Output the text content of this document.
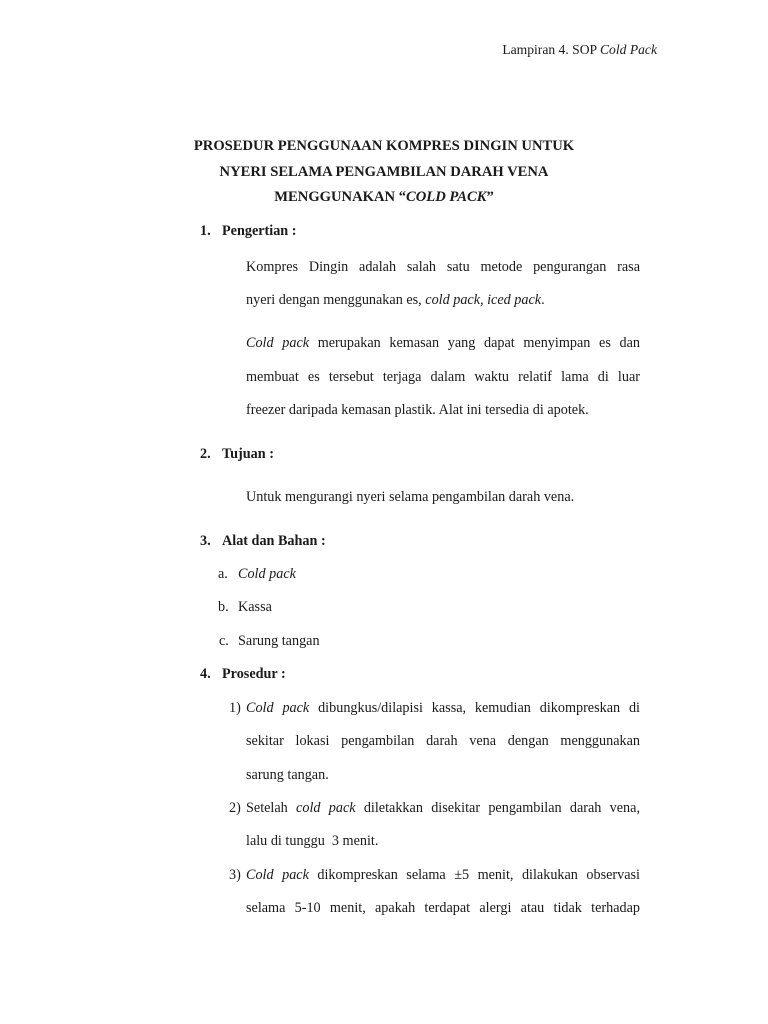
Lampiran 4. SOP Cold Pack
PROSEDUR PENGGUNAAN KOMPRES DINGIN UNTUK
NYERI SELAMA PENGAMBILAN DARAH VENA
MENGGUNAKAN “COLD PACK”
1. Pengertian :
Kompres Dingin adalah salah satu metode pengurangan rasa
nyeri dengan menggunakan es, cold pack, iced pack.
Cold pack merupakan kemasan yang dapat menyimpan es dan
membuat es tersebut terjaga dalam waktu relatif lama di luar
freezer daripada kemasan plastik. Alat ini tersedia di apotek.
2. Tujuan :
Untuk mengurangi nyeri selama pengambilan darah vena.
3. Alat dan Bahan :
a. Cold pack
b. Kassa
c. Sarung tangan
4. Prosedur :
1) Cold pack dibungkus/dilapisi kassa, kemudian dikompreskan di
sekitar lokasi pengambilan darah vena dengan menggunakan
sarung tangan.
2) Setelah cold pack diletakkan disekitar pengambilan darah vena,
lalu di tunggu  3 menit.
3) Cold pack dikompreskan selama ±5 menit, dilakukan observasi
selama 5-10 menit, apakah terdapat alergi atau tidak terhadap
